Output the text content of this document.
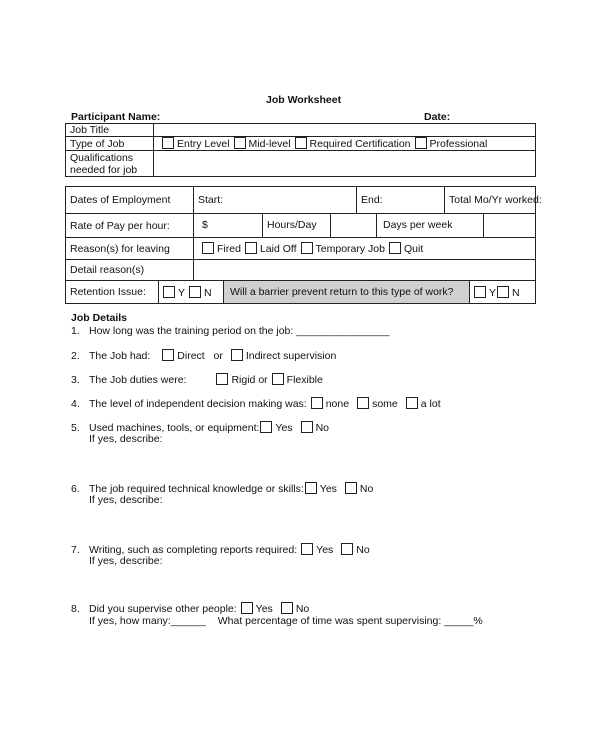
Job Worksheet
Participant Name:	Date:
Job Title	
Type of Job	Entry Level Mid-level Required Certification Professional
Qualifications
needed for job	
Dates of Employment	Start:	End:	Total Mo/Yr worked:
Rate of Pay per hour:	$ Hours/Day Days per week		

Reason(s) for leaving	Fired Laid Off Temporary Job Quit		
Detail reason(s)			

Retention Issue: Y N Will a barrier prevent return to this type of work? Y N			
Job Details
1. How long was the training period on the job: ________________
2. The Job had:	Direct or Indirect supervision
3. The Job duties were:	Rigid or Flexible
4. The level of independent decision making was: none some a lot
5. Used machines, tools, or equipment: Yes No
If yes, describe:
6. The job required technical knowledge or skills: Yes No
If yes, describe:
7. Writing, such as completing reports required: Yes No
If yes, describe:
8. Did you supervise other people: Yes No
If yes, how many:______ What percentage of time was spent supervising: _____%
